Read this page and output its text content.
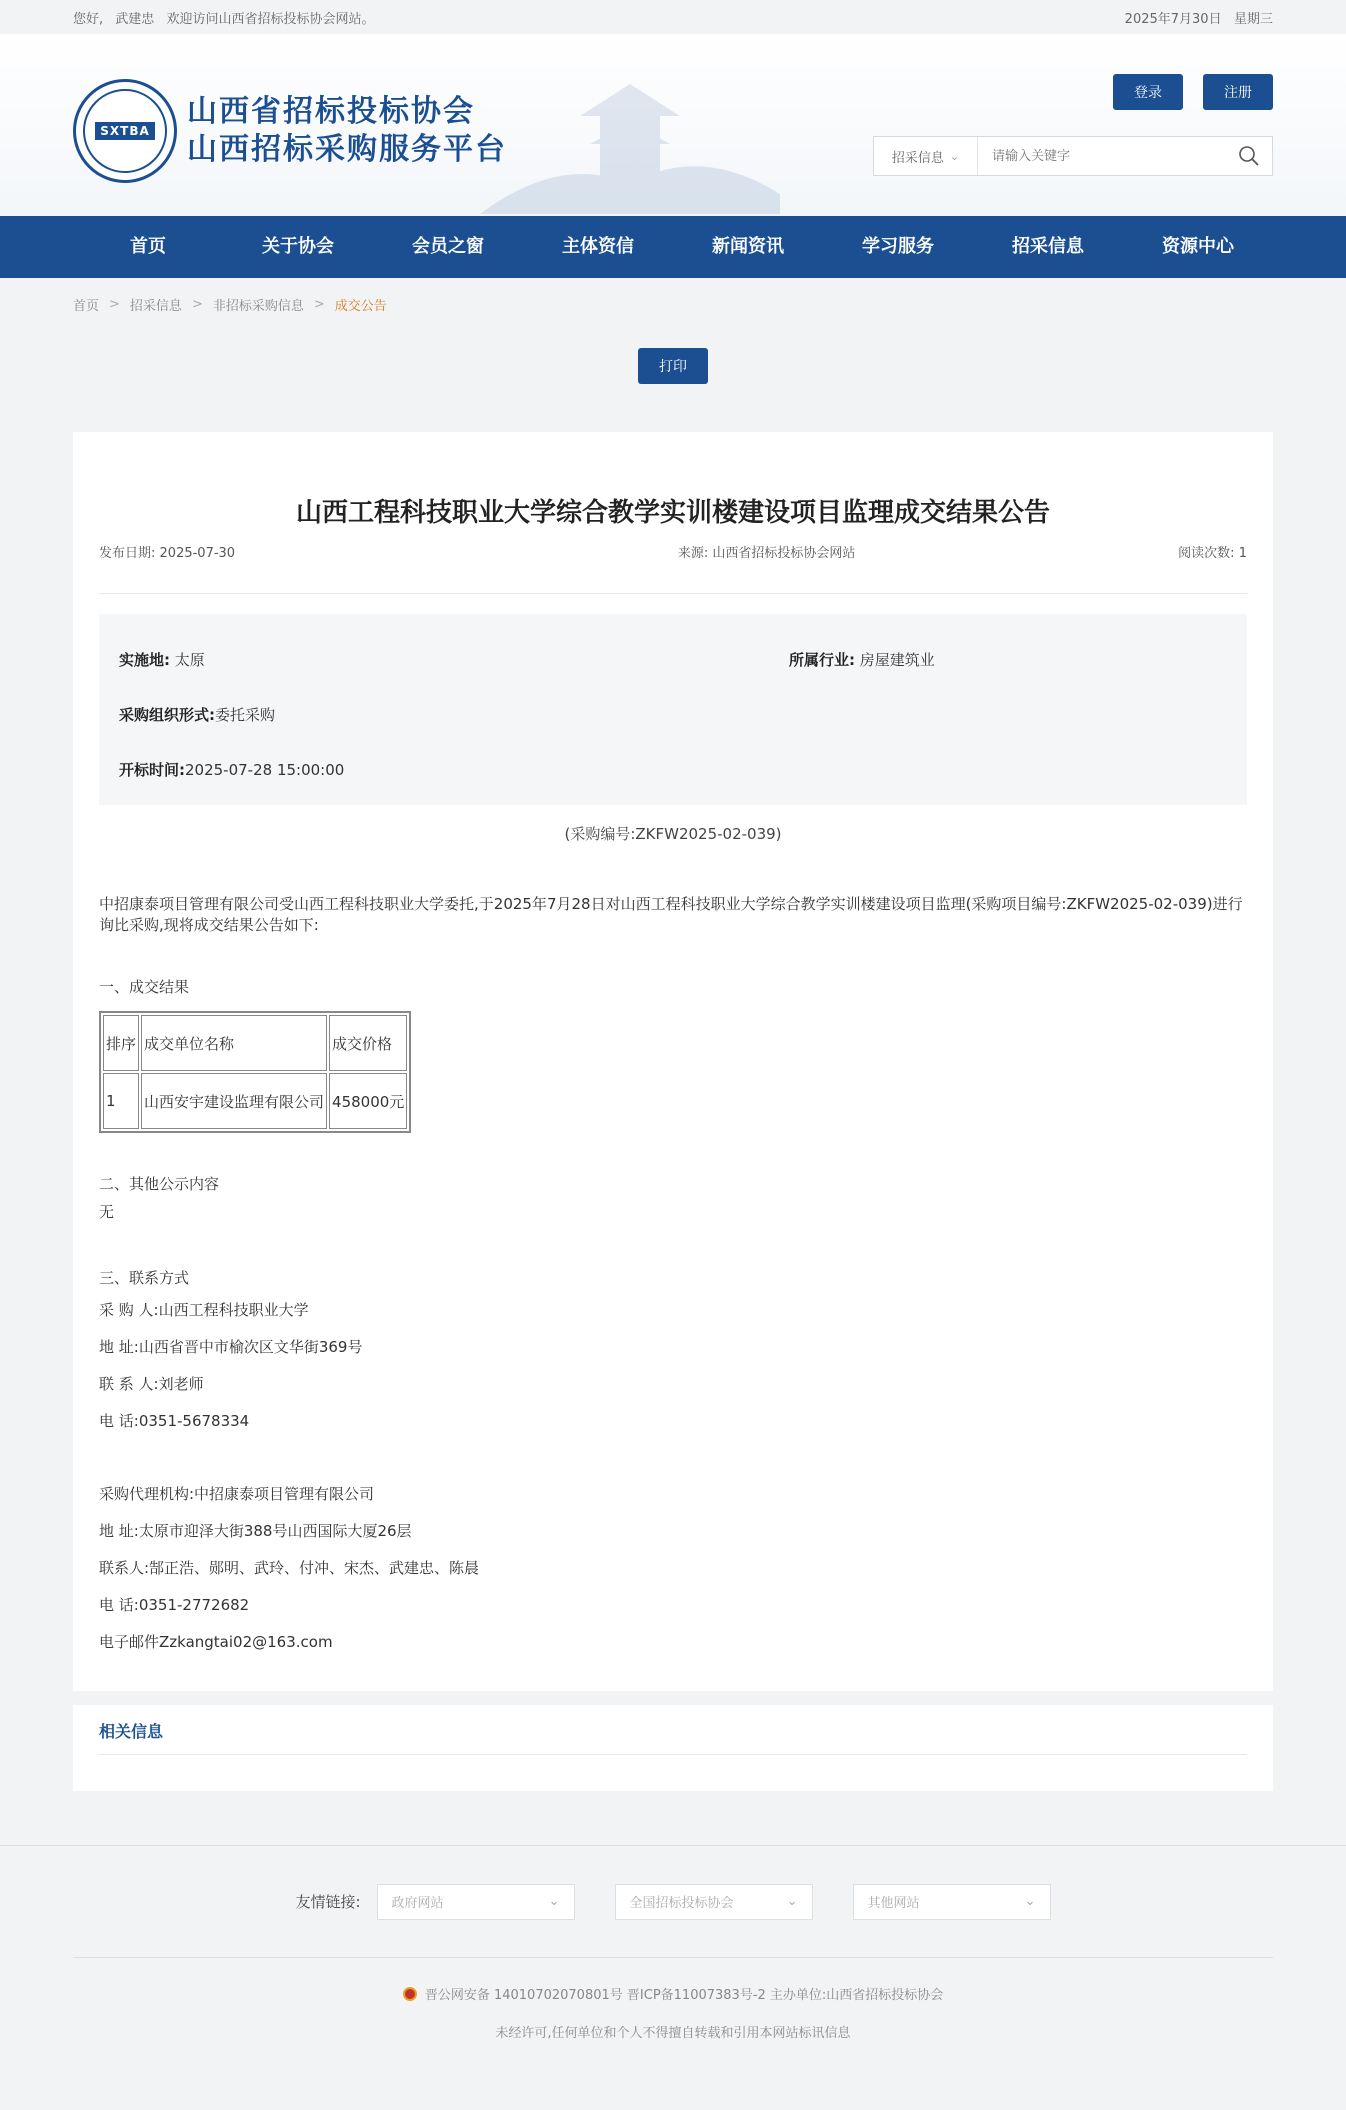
您好, 武建忠 欢迎访问山西省招标投标协会网站。	2025年7月30日 星期三
SXTBA
山西省招标投标协会
山西招标采购服务平台
登录	注册
招采信息 ⌄
请输入关键字
首页	关于协会	会员之窗	主体资信	新闻资讯	学习服务	招采信息	资源中心
首页 > 招采信息 > 非招标采购信息 > 成交公告
打印
山西工程科技职业大学综合教学实训楼建设项目监理成交结果公告
发布日期: 2025-07-30	来源: 山西省招标投标协会网站	阅读次数: 1
实施地: 太原	所属行业: 房屋建筑业
采购组织形式: 委托采购
开标时间: 2025-07-28 15:00:00

(采购编号:ZKFW2025-02-039)

中招康泰项目管理有限公司受山西工程科技职业大学委托,于2025年7月28日对山西工程科技职业大学综合教学实训楼建设项目监理(采购项目编号:ZKFW2025-02-039)进行询比采购,现将成交结果公告如下:

一、成交结果

排序	成交单位名称	成交价格
1	山西安宇建设监理有限公司	458000元

二、其他公示内容

无

三、联系方式

采 购 人:山西工程科技职业大学

地 址:山西省晋中市榆次区文华街369号

联 系 人:刘老师

电 话:0351-5678334

采购代理机构:中招康泰项目管理有限公司

地 址:太原市迎泽大街388号山西国际大厦26层

联系人:郜正浩、郧明、武玲、付冲、宋杰、武建忠、陈晨

电 话:0351-2772682

电子邮件Zzkangtai02@163.com

相关信息
友情链接: 政府网站	⌄	全国招标投标协会	⌄	其他网站	⌄

晋公网安备 14010702070801号 晋ICP备11007383号-2 主办单位:山西省招标投标协会

未经许可,任何单位和个人不得擅自转载和引用本网站标讯信息
